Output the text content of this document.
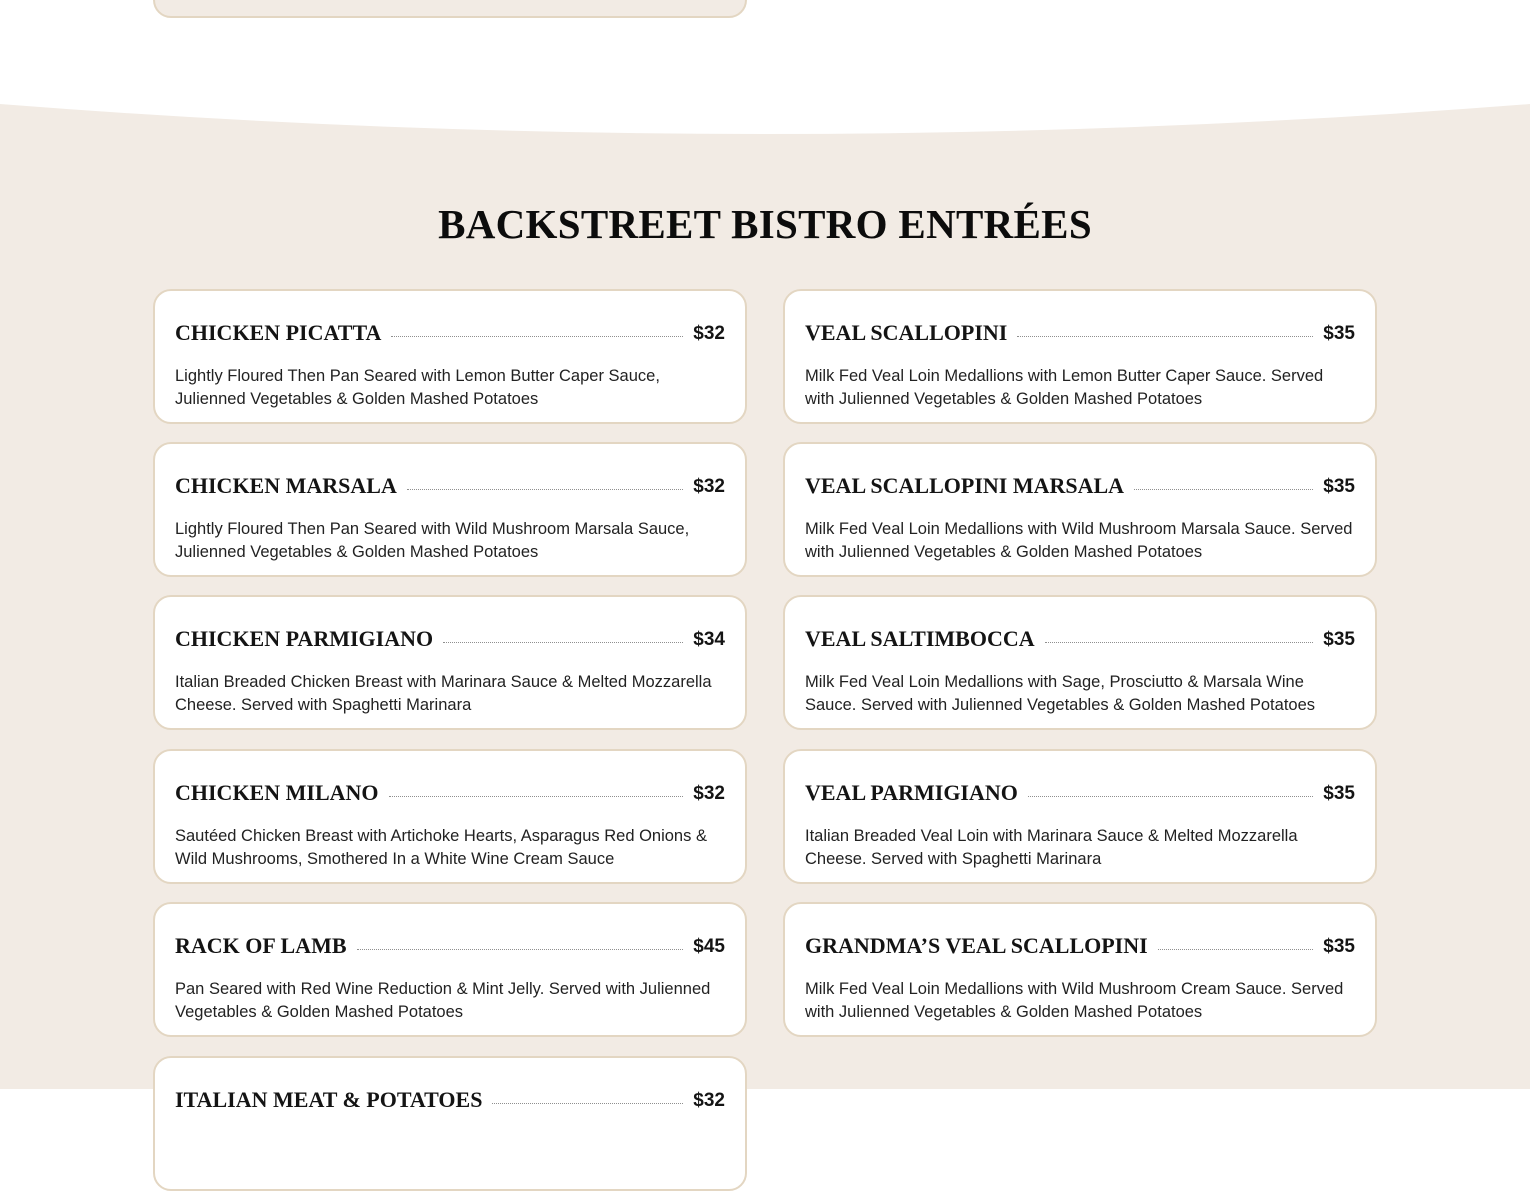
BACKSTREET BISTRO ENTRÉES
CHICKEN PICATTA	$32
Lightly Floured Then Pan Seared with Lemon Butter Caper Sauce, Julienned Vegetables & Golden Mashed Potatoes
CHICKEN MARSALA	$32
Lightly Floured Then Pan Seared with Wild Mushroom Marsala Sauce, Julienned Vegetables & Golden Mashed Potatoes
CHICKEN PARMIGIANO	$34
Italian Breaded Chicken Breast with Marinara Sauce & Melted Mozzarella Cheese. Served with Spaghetti Marinara
CHICKEN MILANO	$32
Sautéed Chicken Breast with Artichoke Hearts, Asparagus Red Onions & Wild Mushrooms, Smothered In a White Wine Cream Sauce
RACK OF LAMB	$45
Pan Seared with Red Wine Reduction & Mint Jelly. Served with Julienned Vegetables & Golden Mashed Potatoes
ITALIAN MEAT & POTATOES	$32
VEAL SCALLOPINI	$35
Milk Fed Veal Loin Medallions with Lemon Butter Caper Sauce. Served with Julienned Vegetables & Golden Mashed Potatoes
VEAL SCALLOPINI MARSALA	$35
Milk Fed Veal Loin Medallions with Wild Mushroom Marsala Sauce. Served with Julienned Vegetables & Golden Mashed Potatoes
VEAL SALTIMBOCCA	$35
Milk Fed Veal Loin Medallions with Sage, Prosciutto & Marsala Wine Sauce. Served with Julienned Vegetables & Golden Mashed Potatoes
VEAL PARMIGIANO	$35
Italian Breaded Veal Loin with Marinara Sauce & Melted Mozzarella Cheese. Served with Spaghetti Marinara
GRANDMA’S VEAL SCALLOPINI	$35
Milk Fed Veal Loin Medallions with Wild Mushroom Cream Sauce. Served with Julienned Vegetables & Golden Mashed Potatoes
